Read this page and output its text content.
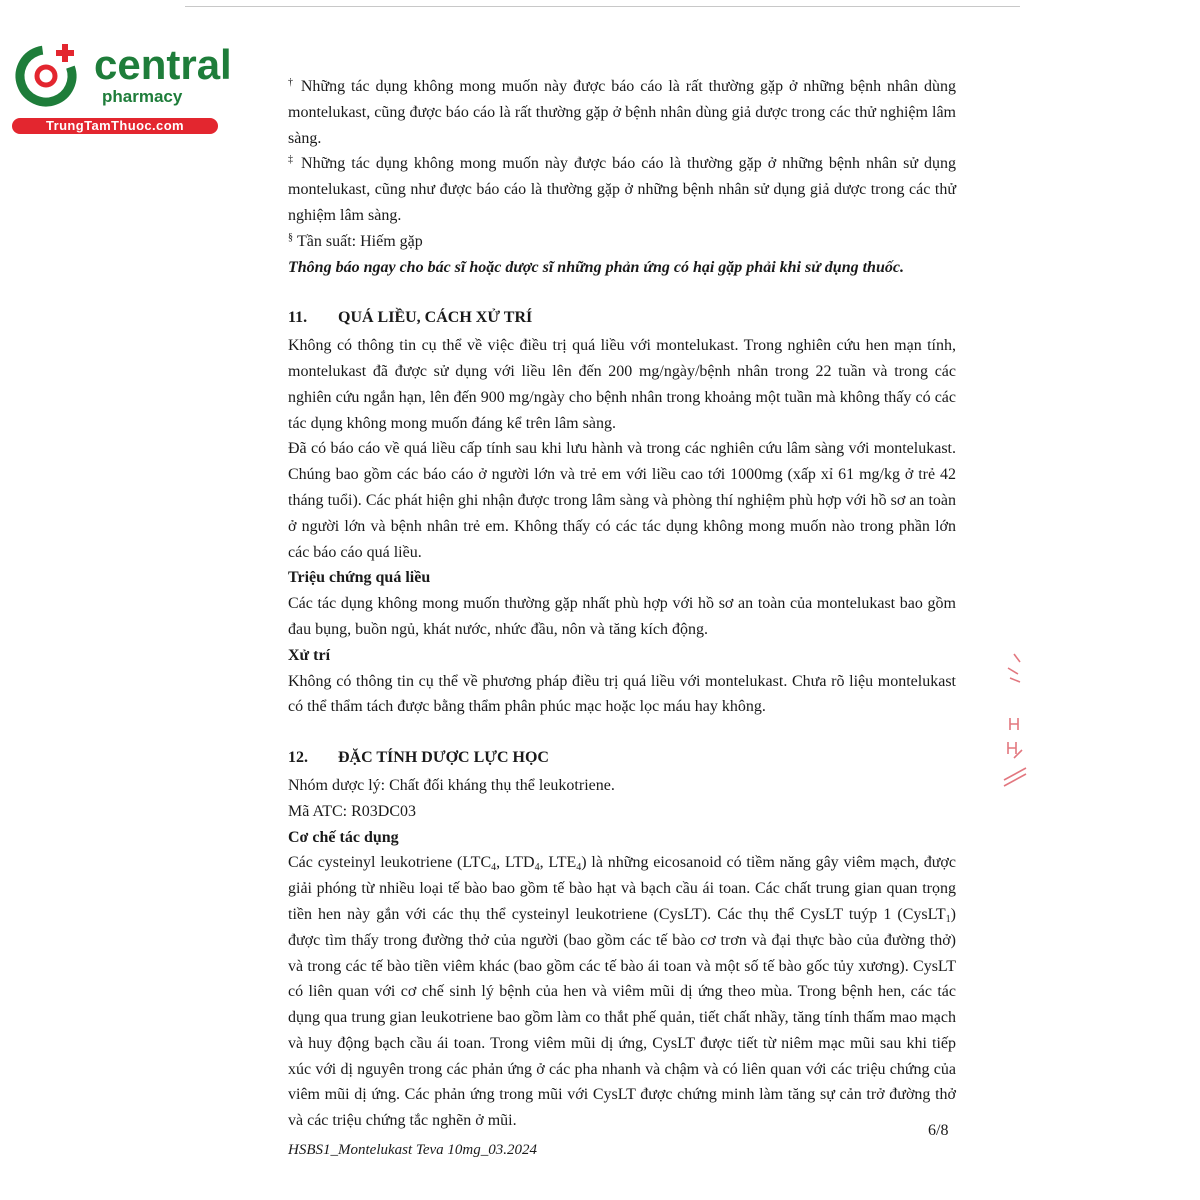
central
pharmacy
TrungTamThuoc.com

† Những tác dụng không mong muốn này được báo cáo là rất thường gặp ở những bệnh nhân dùng montelukast, cũng được báo cáo là rất thường gặp ở bệnh nhân dùng giả dược trong các thử nghiệm lâm sàng.

‡ Những tác dụng không mong muốn này được báo cáo là thường gặp ở những bệnh nhân sử dụng montelukast, cũng như được báo cáo là thường gặp ở những bệnh nhân sử dụng giả dược trong các thử nghiệm lâm sàng.

§ Tần suất: Hiếm gặp

Thông báo ngay cho bác sĩ hoặc dược sĩ những phản ứng có hại gặp phải khi sử dụng thuốc.

11. QUÁ LIỀU, CÁCH XỬ TRÍ

Không có thông tin cụ thể về việc điều trị quá liều với montelukast. Trong nghiên cứu hen mạn tính, montelukast đã được sử dụng với liều lên đến 200 mg/ngày/bệnh nhân trong 22 tuần và trong các nghiên cứu ngắn hạn, lên đến 900 mg/ngày cho bệnh nhân trong khoảng một tuần mà không thấy có các tác dụng không mong muốn đáng kể trên lâm sàng.

Đã có báo cáo về quá liều cấp tính sau khi lưu hành và trong các nghiên cứu lâm sàng với montelukast. Chúng bao gồm các báo cáo ở người lớn và trẻ em với liều cao tới 1000mg (xấp xỉ 61 mg/kg ở trẻ 42 tháng tuổi). Các phát hiện ghi nhận được trong lâm sàng và phòng thí nghiệm phù hợp với hồ sơ an toàn ở người lớn và bệnh nhân trẻ em. Không thấy có các tác dụng không mong muốn nào trong phần lớn các báo cáo quá liều.

Triệu chứng quá liều

Các tác dụng không mong muốn thường gặp nhất phù hợp với hồ sơ an toàn của montelukast bao gồm đau bụng, buồn ngủ, khát nước, nhức đầu, nôn và tăng kích động.

Xử trí

Không có thông tin cụ thể về phương pháp điều trị quá liều với montelukast. Chưa rõ liệu montelukast có thể thẩm tách được bằng thẩm phân phúc mạc hoặc lọc máu hay không.

12. ĐẶC TÍNH DƯỢC LỰC HỌC

Nhóm dược lý: Chất đối kháng thụ thể leukotriene.

Mã ATC: R03DC03

Cơ chế tác dụng

Các cysteinyl leukotriene ($LTC_4$, $LTD_4$, $LTE_4$) là những eicosanoid có tiềm năng gây viêm mạch, được giải phóng từ nhiều loại tế bào bao gồm tế bào hạt và bạch cầu ái toan. Các chất trung gian quan trọng tiền hen này gắn với các thụ thể cysteinyl leukotriene (CysLT). Các thụ thể CysLT tuýp 1 (CysLT$_1$) được tìm thấy trong đường thở của người (bao gồm các tế bào cơ trơn và đại thực bào của đường thở) và trong các tế bào tiền viêm khác (bao gồm các tế bào ái toan và một số tế bào gốc tủy xương). CysLT có liên quan với cơ chế sinh lý bệnh của hen và viêm mũi dị ứng theo mùa. Trong bệnh hen, các tác dụng qua trung gian leukotriene bao gồm làm co thắt phế quản, tiết chất nhầy, tăng tính thấm mao mạch và huy động bạch cầu ái toan. Trong viêm mũi dị ứng, CysLT được tiết từ niêm mạc mũi sau khi tiếp xúc với dị nguyên trong các phản ứng ở các pha nhanh và chậm và có liên quan với các triệu chứng của viêm mũi dị ứng. Các phản ứng trong mũi với CysLT được chứng minh làm tăng sự cản trở đường thở và các triệu chứng tắc nghẽn ở mũi.

6/8
HSBS1_Montelukast Teva 10mg_03.2024
